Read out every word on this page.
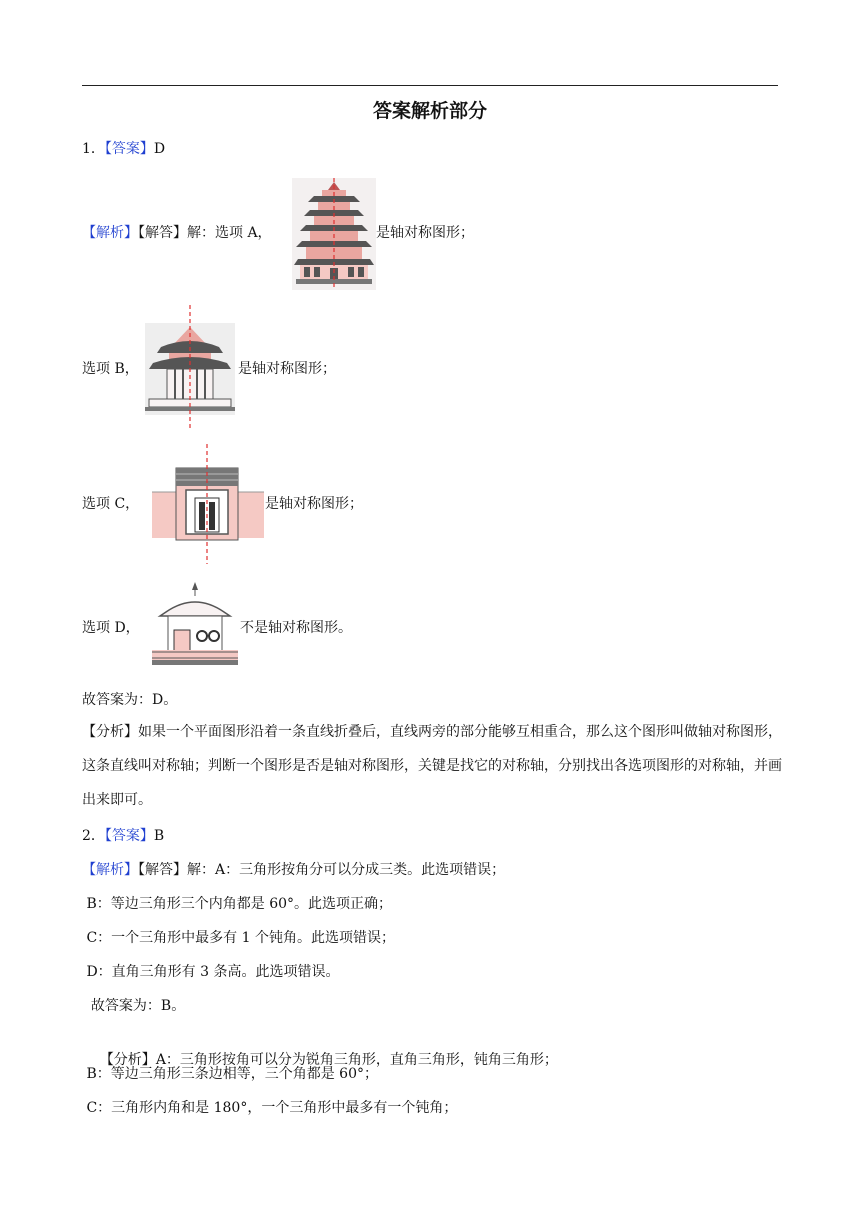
答案解析部分
1．【答案】D
【解析】【解答】解：选项 A，	是轴对称图形；
选项 B，	是轴对称图形；
选项 C，	是轴对称图形；
选项 D，	不是轴对称图形。
故答案为：D。
【分析】如果一个平面图形沿着一条直线折叠后，直线两旁的部分能够互相重合，那么这个图形叫做轴对称图形，这条直线叫对称轴；判断一个图形是否是轴对称图形，关键是找它的对称轴，分别找出各选项图形的对称轴，并画出来即可。
2．【答案】B
【解析】【解答】解：A：三角形按角分可以分成三类。此选项错误；
B：等边三角形三个内角都是 60°。此选项正确；
C：一个三角形中最多有 1 个钝角。此选项错误；
D：直角三角形有 3 条高。此选项错误。
故答案为：B。

【分析】A：三角形按角可以分为锐角三角形，直角三角形，钝角三角形；

B：等边三角形三条边相等，三个角都是 60°；
C：三角形内角和是 180°，一个三角形中最多有一个钝角；
